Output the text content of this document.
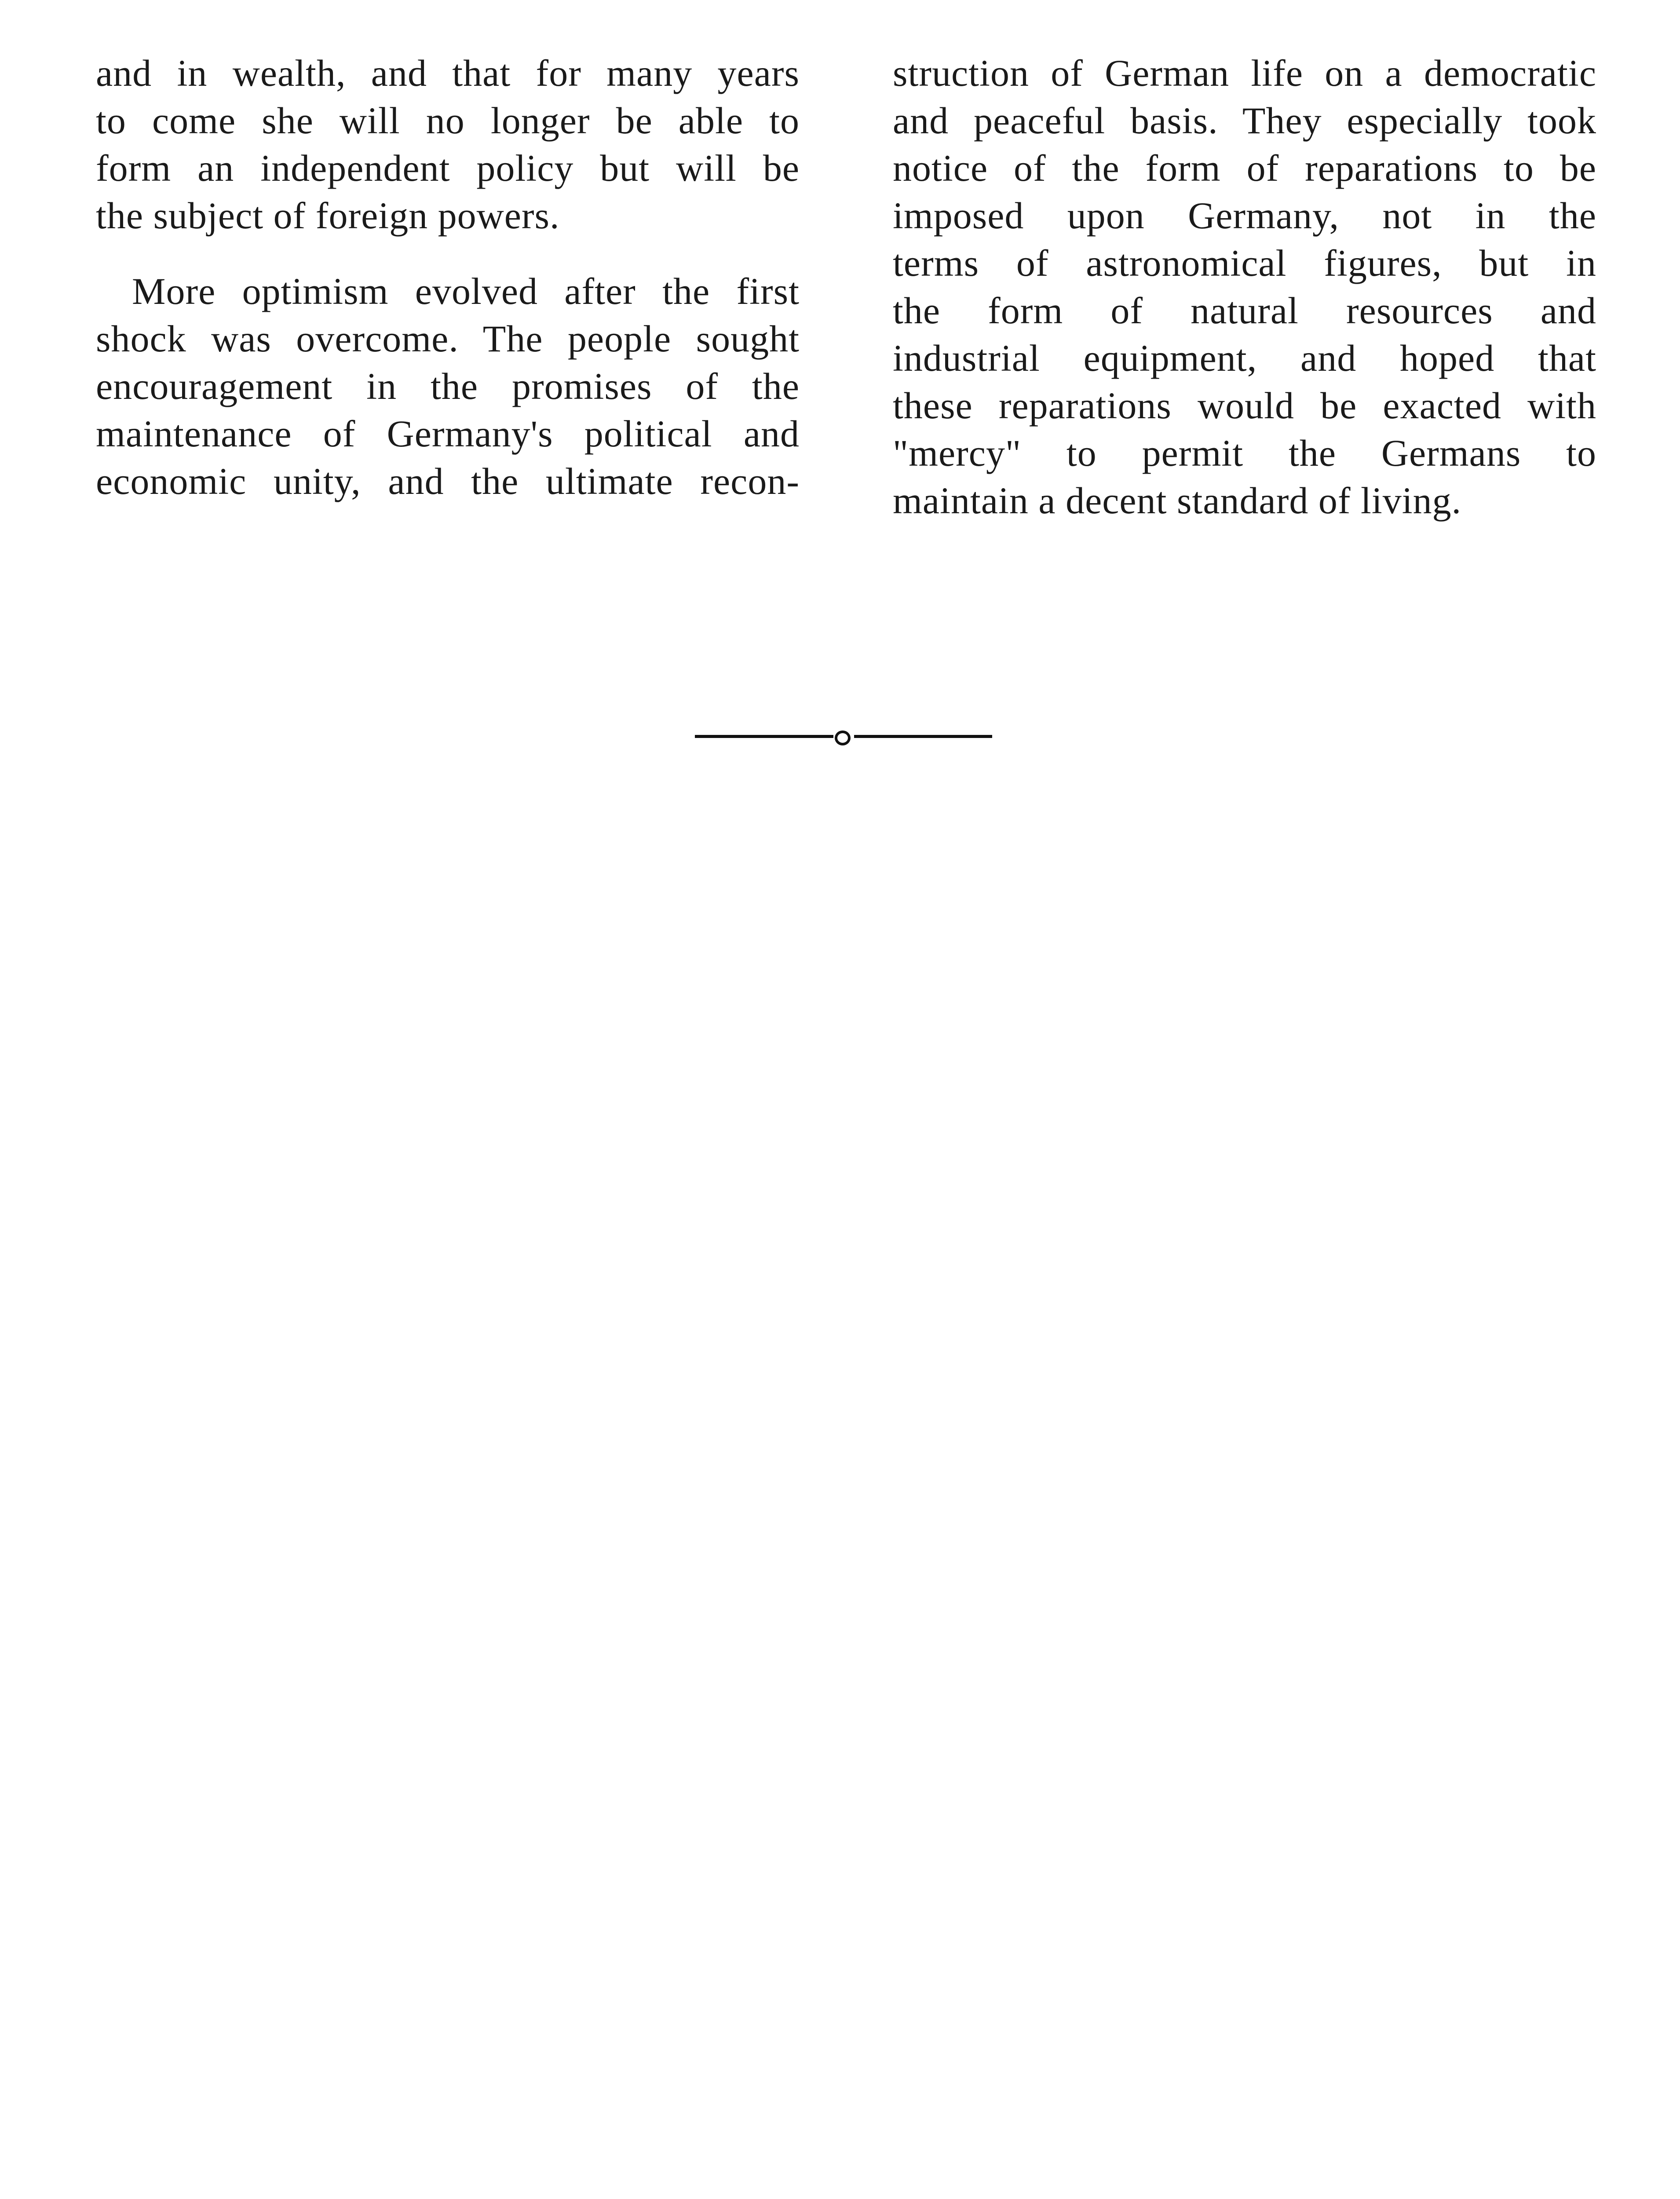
and in wealth, and that for many years
to come she will no longer be able to
form an independent policy but will be
the subject of foreign powers.
More optimism evolved after the first
shock was overcome. The people sought
encouragement in the promises of the
maintenance of Germany's political and
economic unity, and the ultimate recon-
struction of German life on a democratic
and peaceful basis. They especially took
notice of the form of reparations to be
imposed upon Germany, not in the
terms of astronomical figures, but in
the form of natural resources and
industrial equipment, and hoped that
these reparations would be exacted with
"mercy" to permit the Germans to
maintain a decent standard of living.
